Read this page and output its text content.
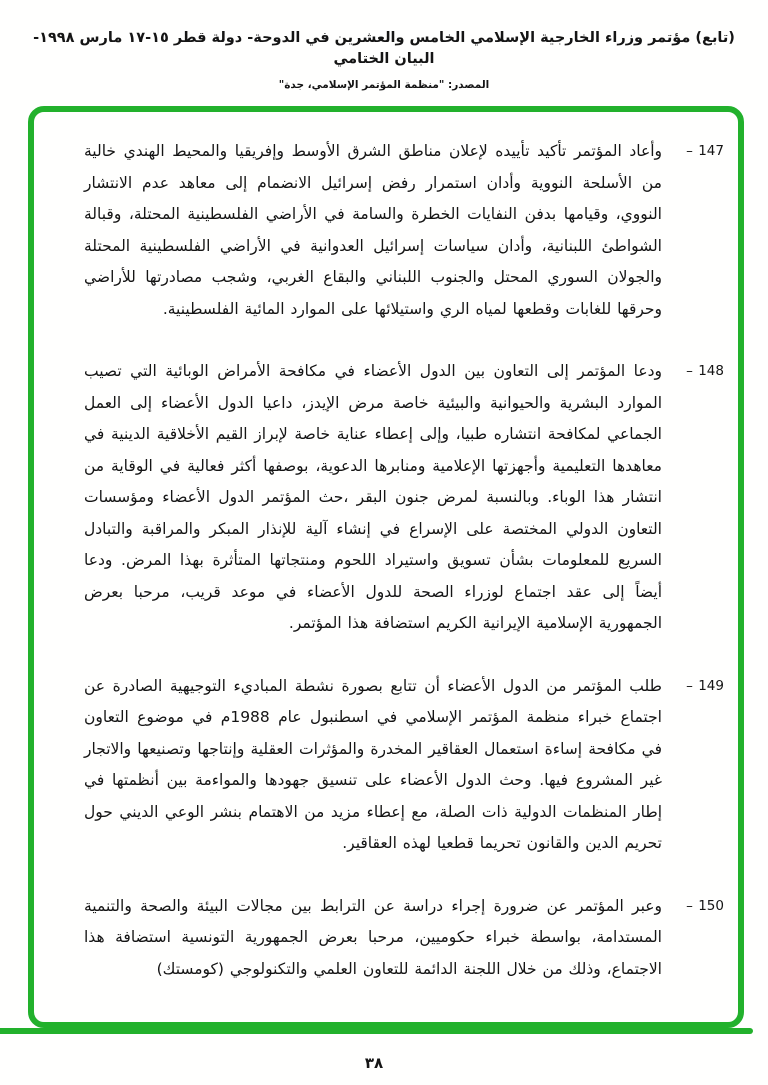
(تابع) مؤتمر وزراء الخارجية الإسلامي الخامس والعشرين في الدوحة- دولة قطر ١٥-١٧ مارس ١٩٩٨- البيان الختامي
المصدر: "منظمة المؤتمر الإسلامي، جدة"
147 –
وأعاد المؤتمر تأكيد تأييده لإعلان مناطق الشرق الأوسط وإفريقيا والمحيط الهندي خالية من الأسلحة النووية وأدان استمرار رفض إسرائيل الانضمام إلى معاهد عدم الانتشار النووي، وقيامها بدفن النفايات الخطرة والسامة في الأراضي الفلسطينية المحتلة، وقبالة الشواطئ اللبنانية، وأدان سياسات إسرائيل العدوانية في الأراضي الفلسطينية المحتلة والجولان السوري المحتل والجنوب اللبناني والبقاع الغربي، وشجب مصادرتها للأراضي وحرقها للغابات وقطعها لمياه الري واستيلائها على الموارد المائية الفلسطينية.
148 –
ودعا المؤتمر إلى التعاون بين الدول الأعضاء في مكافحة الأمراض الوبائية التي تصيب الموارد البشرية والحيوانية والبيئية خاصة مرض الإيدز، داعيا الدول الأعضاء إلى العمل الجماعي لمكافحة انتشاره طبيا، وإلى إعطاء عناية خاصة لإبراز القيم الأخلاقية الدينية في معاهدها التعليمية وأجهزتها الإعلامية ومنابرها الدعوية، بوصفها أكثر فعالية في الوقاية من انتشار هذا الوباء. وبالنسبة لمرض جنون البقر ،حث المؤتمر الدول الأعضاء ومؤسسات التعاون الدولي المختصة على الإسراع في إنشاء آلية للإنذار المبكر والمراقبة والتبادل السريع للمعلومات بشأن تسويق واستيراد اللحوم ومنتجاتها المتأثرة بهذا المرض. ودعا أيضاً إلى عقد اجتماع لوزراء الصحة للدول الأعضاء في موعد قريب، مرحبا بعرض الجمهورية الإسلامية الإيرانية الكريم استضافة هذا المؤتمر.
149 –
طلب المؤتمر من الدول الأعضاء أن تتابع بصورة نشطة المباديء التوجيهية الصادرة عن اجتماع خبراء منظمة المؤتمر الإسلامي في اسطنبول عام 1988م في موضوع التعاون في مكافحة إساءة استعمال العقاقير المخدرة والمؤثرات العقلية وإنتاجها وتصنيعها والاتجار غير المشروع فيها. وحث الدول الأعضاء على تنسيق جهودها والمواءمة بين أنظمتها في إطار المنظمات الدولية ذات الصلة، مع إعطاء مزيد من الاهتمام بنشر الوعي الديني حول تحريم الدين والقانون تحريما قطعيا لهذه العقاقير.
150 –
وعبر المؤتمر عن ضرورة إجراء دراسة عن الترابط بين مجالات البيئة والصحة والتنمية المستدامة، بواسطة خبراء حكوميين، مرحبا بعرض الجمهورية التونسية استضافة هذا الاجتماع، وذلك من خلال اللجنة الدائمة للتعاون العلمي والتكنولوجي (كومستك)
٣٨
